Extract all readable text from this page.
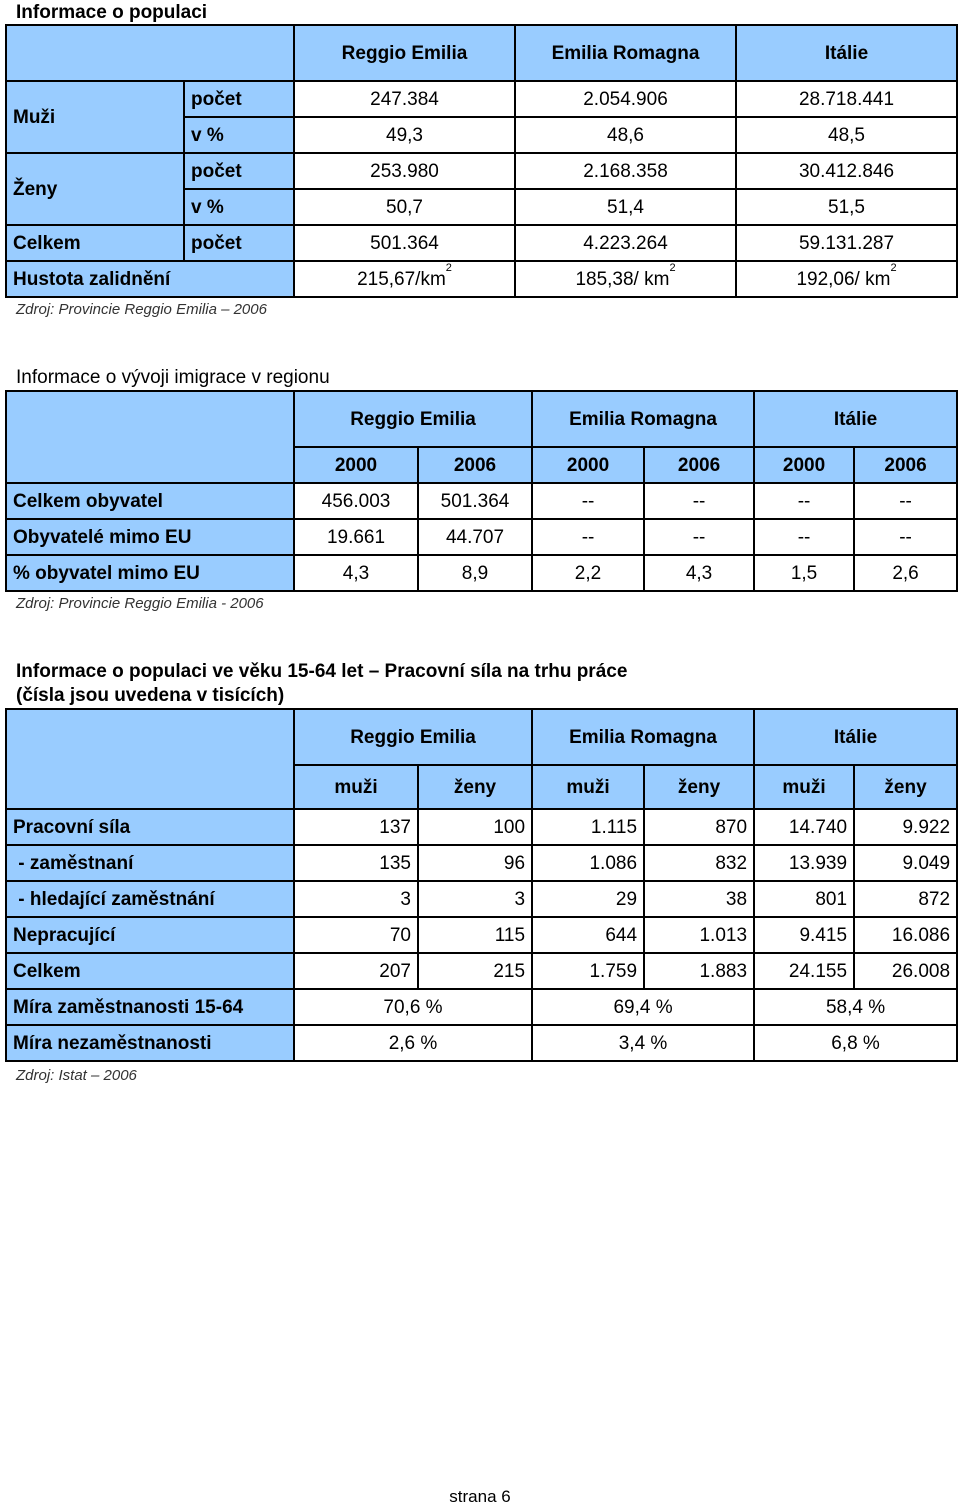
Informace o populaci
		Reggio Emilia	Emilia Romagna	Itálie
Muži	počet	247.384	2.054.906	28.718.441
	v %	49,3	48,6	48,5
Ženy	počet	253.980	2.168.358	30.412.846
	v %	50,7	51,4	51,5
Celkem	počet	501.364	4.223.264	59.131.287
Hustota zalidnění		$215,67/km^2$	185,38/ $km^2$	192,06/ $km^2$
Zdroj: Provincie Reggio Emilia – 2006
Informace o vývoji imigrace v regionu
	Reggio Emilia		Emilia Romagna		Itálie	
	2000	2006	2000	2006	2000	2006
Celkem obyvatel	456.003	501.364	--	--	--	--
Obyvatelé mimo EU	19.661	44.707	--	--	--	--
% obyvatel mimo EU	4,3	8,9	2,2	4,3	1,5	2,6
Zdroj: Provincie Reggio Emilia - 2006
Informace o populaci ve věku 15-64 let – Pracovní síla na trhu práce
(čísla jsou uvedena v tisících)
	Reggio Emilia		Emilia Romagna		Itálie	
	muži	ženy	muži	ženy	muži	ženy
Pracovní síla	137	100	1.115	870	14.740	9.922
- zaměstnaní	135	96	1.086	832	13.939	9.049
- hledající zaměstnání	3	3	29	38	801	872
Nepracující	70	115	644	1.013	9.415	16.086
Celkem	207	215	1.759	1.883	24.155	26.008
Míra zaměstnanosti 15-64	70,6 %		69,4 %		58,4 %	
Míra nezaměstnanosti	2,6 %		3,4 %		6,8 %	
Zdroj: Istat – 2006
strana 6
